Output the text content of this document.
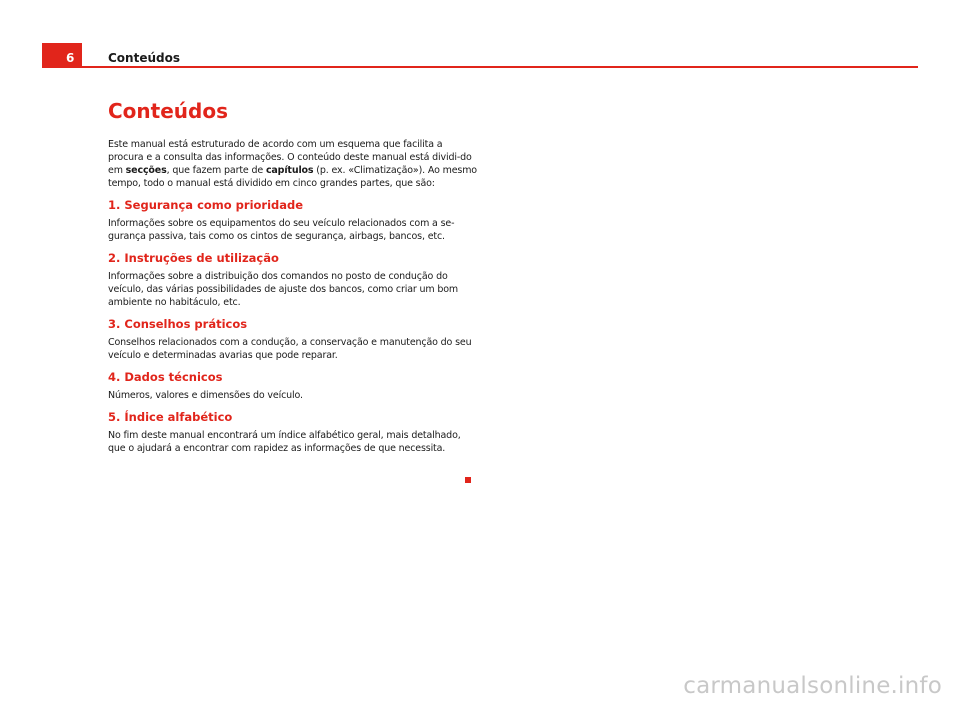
6	Conteúdos
Conteúdos

Este manual está estruturado de acordo com um esquema que facilita a procura e a consulta das informações. O conteúdo deste manual está dividi-do em secções, que fazem parte de capítulos (p. ex. «Climatização»). Ao mesmo tempo, todo o manual está dividido em cinco grandes partes, que são:

1. Segurança como prioridade

Informações sobre os equipamentos do seu veículo relacionados com a se-gurança passiva, tais como os cintos de segurança, airbags, bancos, etc.

2. Instruções de utilização

Informações sobre a distribuição dos comandos no posto de condução do veículo, das várias possibilidades de ajuste dos bancos, como criar um bom ambiente no habitáculo, etc.

3. Conselhos práticos

Conselhos relacionados com a condução, a conservação e manutenção do seu veículo e determinadas avarias que pode reparar.

4. Dados técnicos

Números, valores e dimensões do veículo.

5. Índice alfabético

No fim deste manual encontrará um índice alfabético geral, mais detalhado, que o ajudará a encontrar com rapidez as informações de que necessita.

carmanualsonline.info
